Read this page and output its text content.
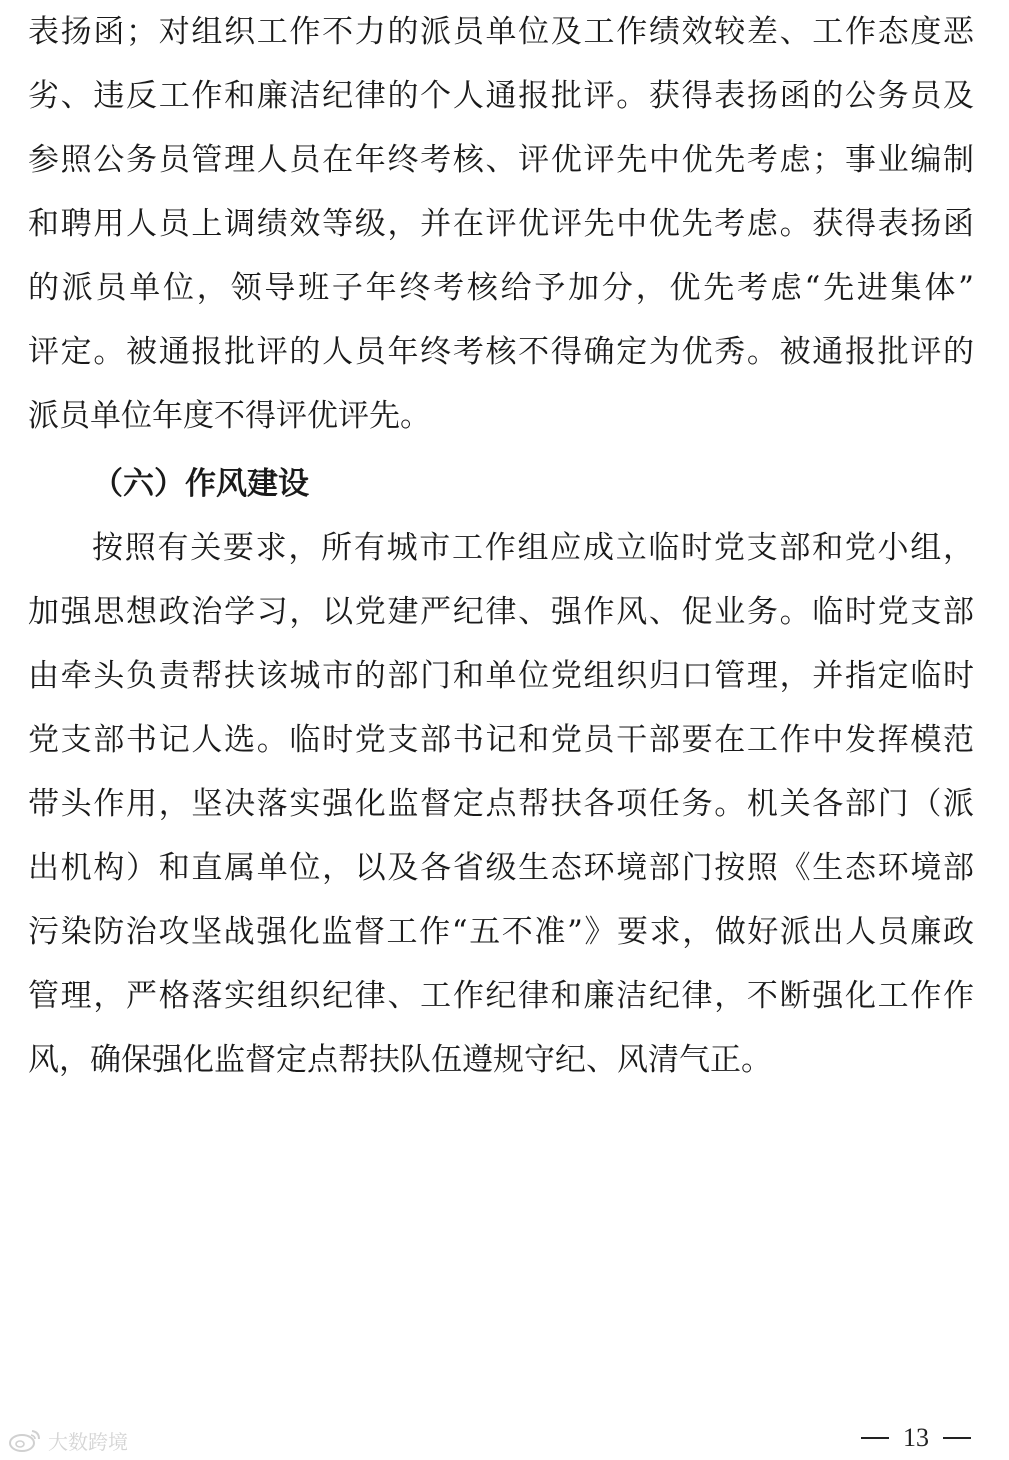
表扬函；对组织工作不力的派员单位及工作绩效较差、工作态度恶
劣、违反工作和廉洁纪律的个人通报批评。获得表扬函的公务员及
参照公务员管理人员在年终考核、评优评先中优先考虑；事业编制
和聘用人员上调绩效等级，并在评优评先中优先考虑。获得表扬函
的派员单位，领导班子年终考核给予加分，优先考虑“先进集体”
评定。被通报批评的人员年终考核不得确定为优秀。被通报批评的
派员单位年度不得评优评先。
（六）作风建设
按照有关要求，所有城市工作组应成立临时党支部和党小组，
加强思想政治学习，以党建严纪律、强作风、促业务。临时党支部
由牵头负责帮扶该城市的部门和单位党组织归口管理，并指定临时
党支部书记人选。临时党支部书记和党员干部要在工作中发挥模范
带头作用，坚决落实强化监督定点帮扶各项任务。机关各部门（派
出机构）和直属单位，以及各省级生态环境部门按照《生态环境部
污染防治攻坚战强化监督工作“五不准”》要求，做好派出人员廉政
管理，严格落实组织纪律、工作纪律和廉洁纪律，不断强化工作作
风，确保强化监督定点帮扶队伍遵规守纪、风清气正。
大数跨境	13
